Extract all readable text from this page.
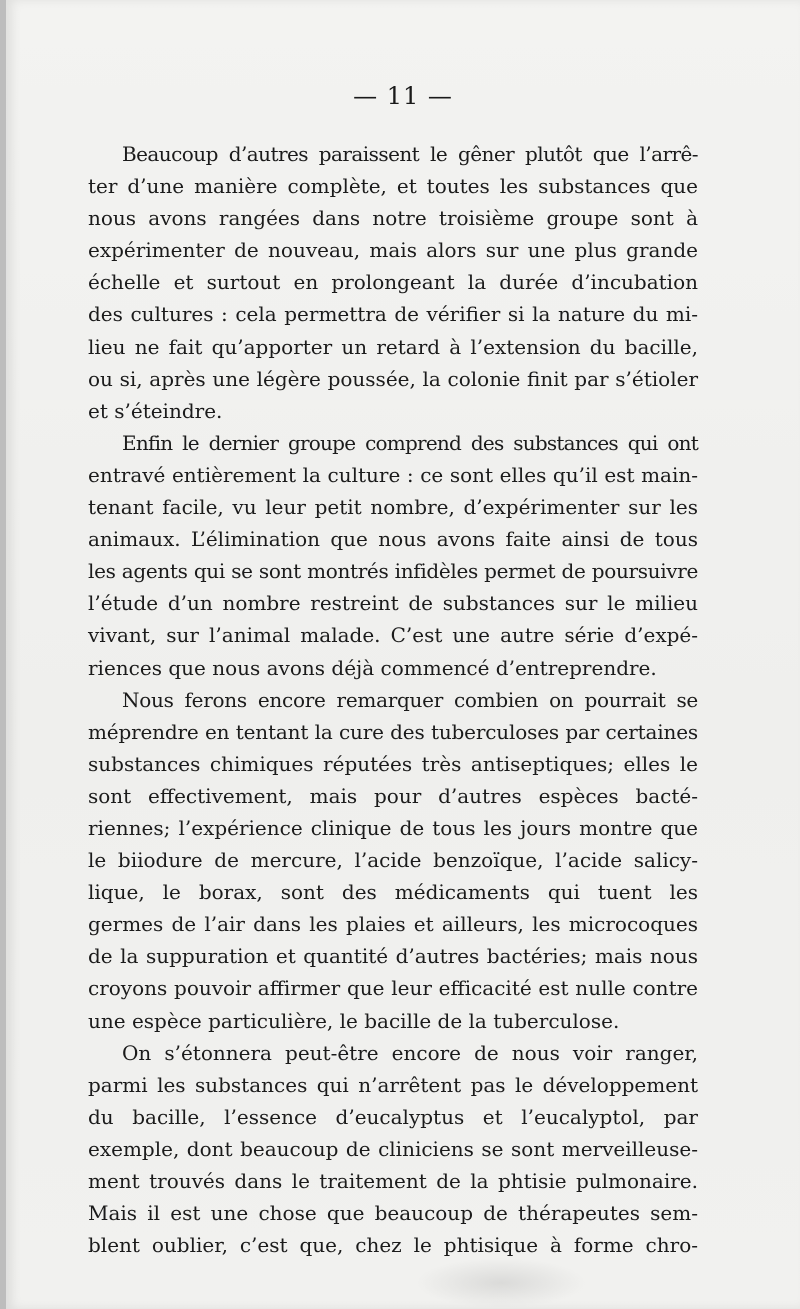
— 11 —
Beaucoup d’autres paraissent le gêner plutôt que l’arrê-
ter d’une manière complète, et toutes les substances que
nous avons rangées dans notre troisième groupe sont à
expérimenter de nouveau, mais alors sur une plus grande
échelle et surtout en prolongeant la durée d’incubation
des cultures : cela permettra de vérifier si la nature du mi-
lieu ne fait qu’apporter un retard à l’extension du bacille,
ou si, après une légère poussée, la colonie finit par s’étioler
et s’éteindre.
Enfin le dernier groupe comprend des substances qui ont
entravé entièrement la culture : ce sont elles qu’il est main-
tenant facile, vu leur petit nombre, d’expérimenter sur les
animaux. L’élimination que nous avons faite ainsi de tous
les agents qui se sont montrés infidèles permet de poursuivre
l’étude d’un nombre restreint de substances sur le milieu
vivant, sur l’animal malade. C’est une autre série d’expé-
riences que nous avons déjà commencé d’entreprendre.
Nous ferons encore remarquer combien on pourrait se
méprendre en tentant la cure des tuberculoses par certaines
substances chimiques réputées très antiseptiques; elles le
sont effectivement, mais pour d’autres espèces bacté-
riennes; l’expérience clinique de tous les jours montre que
le biiodure de mercure, l’acide benzoïque, l’acide salicy-
lique, le borax, sont des médicaments qui tuent les
germes de l’air dans les plaies et ailleurs, les microcoques
de la suppuration et quantité d’autres bactéries; mais nous
croyons pouvoir affirmer que leur efficacité est nulle contre
une espèce particulière, le bacille de la tuberculose.
On s’étonnera peut-être encore de nous voir ranger,
parmi les substances qui n’arrêtent pas le développement
du bacille, l’essence d’eucalyptus et l’eucalyptol, par
exemple, dont beaucoup de cliniciens se sont merveilleuse-
ment trouvés dans le traitement de la phtisie pulmonaire.
Mais il est une chose que beaucoup de thérapeutes sem-
blent oublier, c’est que, chez le phtisique à forme chro-
